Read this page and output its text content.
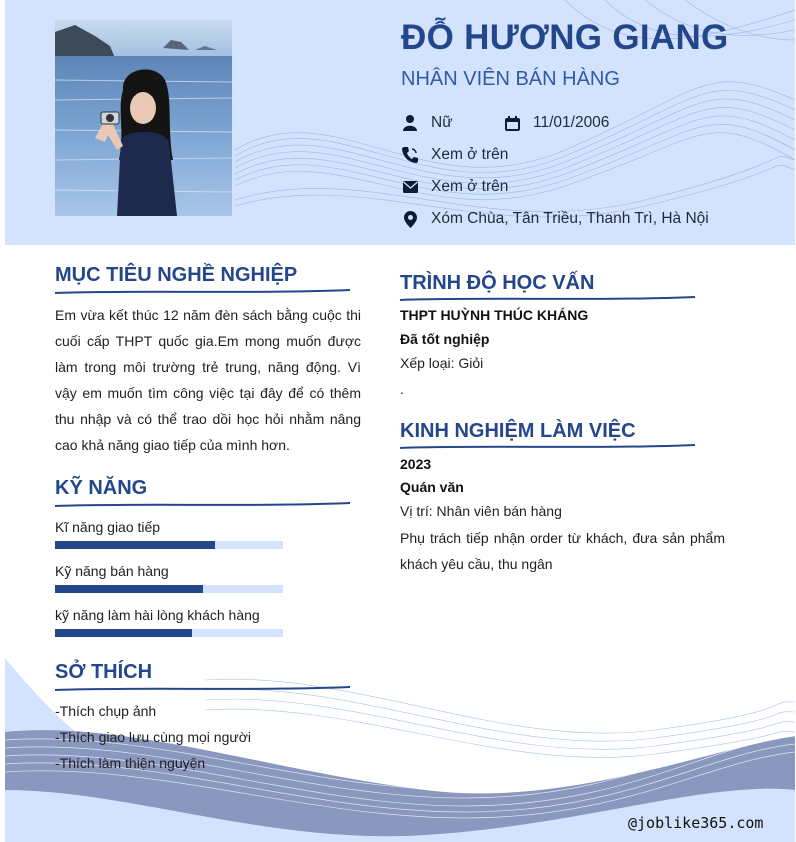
ĐỖ HƯƠNG GIANG
NHÂN VIÊN BÁN HÀNG
Nữ	11/01/2006
Xem ở trên
Xem ở trên
Xóm Chùa, Tân Triều, Thanh Trì, Hà Nội
MỤC TIÊU NGHỀ NGHIỆP
Em vừa kết thúc 12 năm đèn sách bằng cuộc thi cuối cấp THPT quốc gia.Em mong muốn được làm trong môi trường trẻ trung, năng động. Vì vậy em muốn tìm công việc tại đây để có thêm thu nhập và có thể trao dồi học hỏi nhằm nâng cao khả năng giao tiếp của mình hơn.
KỸ NĂNG
Kĩ năng giao tiếp
Kỹ năng bán hàng
kỹ năng làm hài lòng khách hàng
SỞ THÍCH
-Thích chụp ảnh
-Thích giao lưu cùng mọi người
-Thích làm thiện nguyện
TRÌNH ĐỘ HỌC VẤN
THPT HUỲNH THÚC KHÁNG
Đã tốt nghiệp
Xếp loại: Giỏi
.
KINH NGHIỆM LÀM VIỆC
2023
Quán văn
Vị trí: Nhân viên bán hàng
Phụ trách tiếp nhận order từ khách, đưa sản phẩm khách yêu cầu, thu ngân
@joblike365.com
